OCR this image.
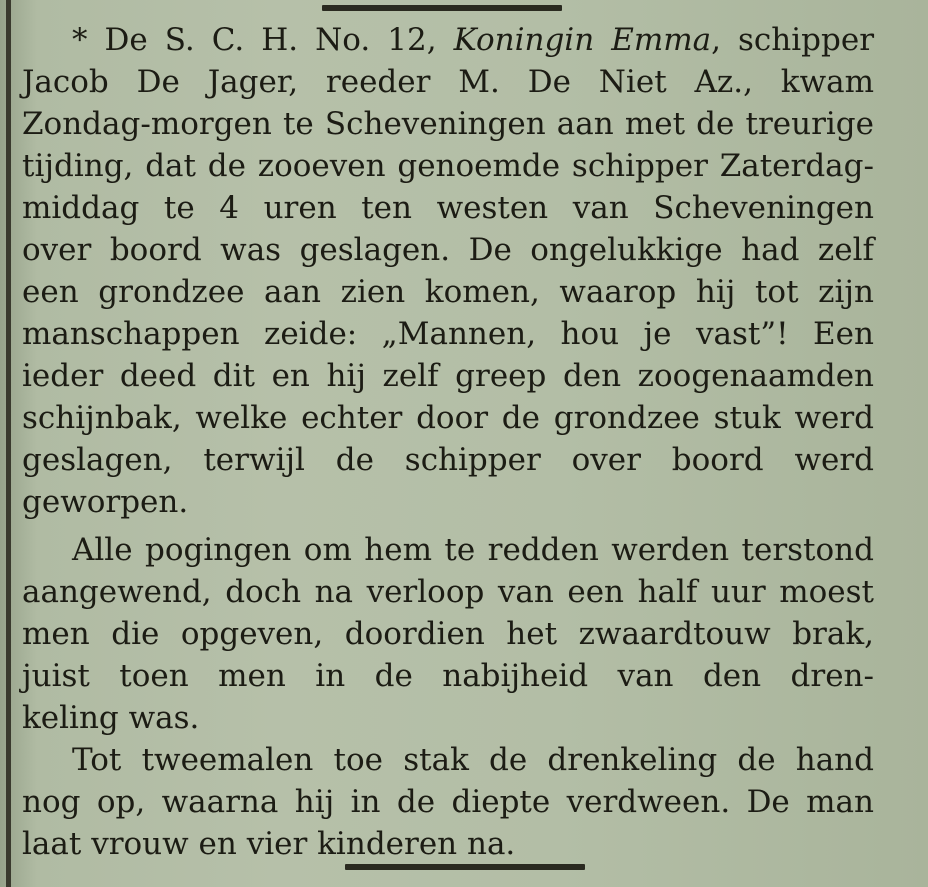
* De S. C. H. No. 12, Koningin Emma, schipper
Jacob De Jager, reeder M. De Niet Az., kwam
Zondag-morgen te Scheveningen aan met de treurige
tijding, dat de zooeven genoemde schipper Zaterdag-
middag te 4 uren ten westen van Scheveningen
over boord was geslagen. De ongelukkige had zelf
een grondzee aan zien komen, waarop hij tot zijn
manschappen zeide: „Mannen, hou je vast”! Een
ieder deed dit en hij zelf greep den zoogenaamden
schijnbak, welke echter door de grondzee stuk werd
geslagen, terwijl de schipper over boord werd
geworpen.
Alle pogingen om hem te redden werden terstond
aangewend, doch na verloop van een half uur moest
men die opgeven, doordien het zwaardtouw brak,
juist toen men in de nabijheid van den dren-
keling was.
Tot tweemalen toe stak de drenkeling de hand
nog op, waarna hij in de diepte verdween. De man
laat vrouw en vier kinderen na.
